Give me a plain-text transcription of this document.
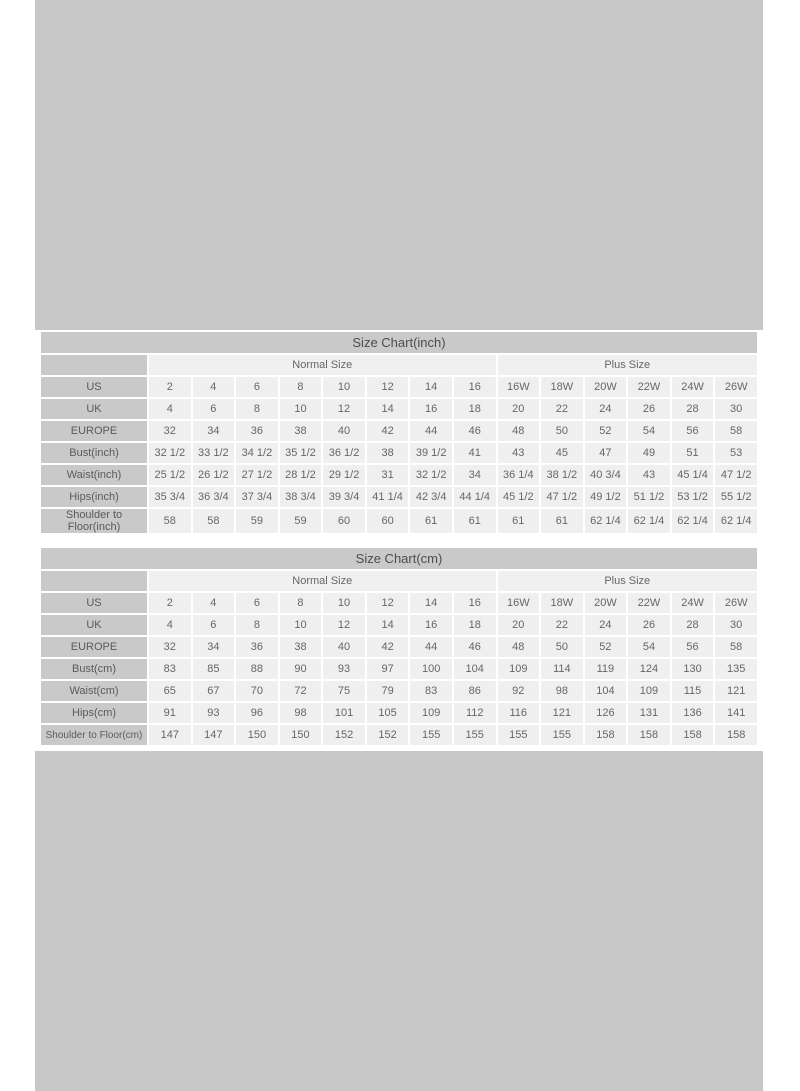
Size Chart(inch)
	Normal Size								Plus Size					
US	2	4	6	8	10	12	14	16	16W	18W	20W	22W	24W	26W
UK	4	6	8	10	12	14	16	18	20	22	24	26	28	30
EUROPE	32	34	36	38	40	42	44	46	48	50	52	54	56	58
Bust(inch)	32 1/2	33 1/2	34 1/2	35 1/2	36 1/2	38	39 1/2	41	43	45	47	49	51	53
Waist(inch)	25 1/2	26 1/2	27 1/2	28 1/2	29 1/2	31	32 1/2	34	36 1/4	38 1/2	40 3/4	43	45 1/4	47 1/2
Hips(inch)	35 3/4	36 3/4	37 3/4	38 3/4	39 3/4	41 1/4	42 3/4	44 1/4	45 1/2	47 1/2	49 1/2	51 1/2	53 1/2	55 1/2
Shoulder to Floor(inch)	58	58	59	59	60	60	61	61	61	61	62 1/4	62 1/4	62 1/4	62 1/4
Size Chart(cm)
	Normal Size								Plus Size					
US	2	4	6	8	10	12	14	16	16W	18W	20W	22W	24W	26W
UK	4	6	8	10	12	14	16	18	20	22	24	26	28	30
EUROPE	32	34	36	38	40	42	44	46	48	50	52	54	56	58
Bust(cm)	83	85	88	90	93	97	100	104	109	114	119	124	130	135
Waist(cm)	65	67	70	72	75	79	83	86	92	98	104	109	115	121
Hips(cm)	91	93	96	98	101	105	109	112	116	121	126	131	136	141
Shoulder to Floor(cm)	147	147	150	150	152	152	155	155	155	155	158	158	158	158
